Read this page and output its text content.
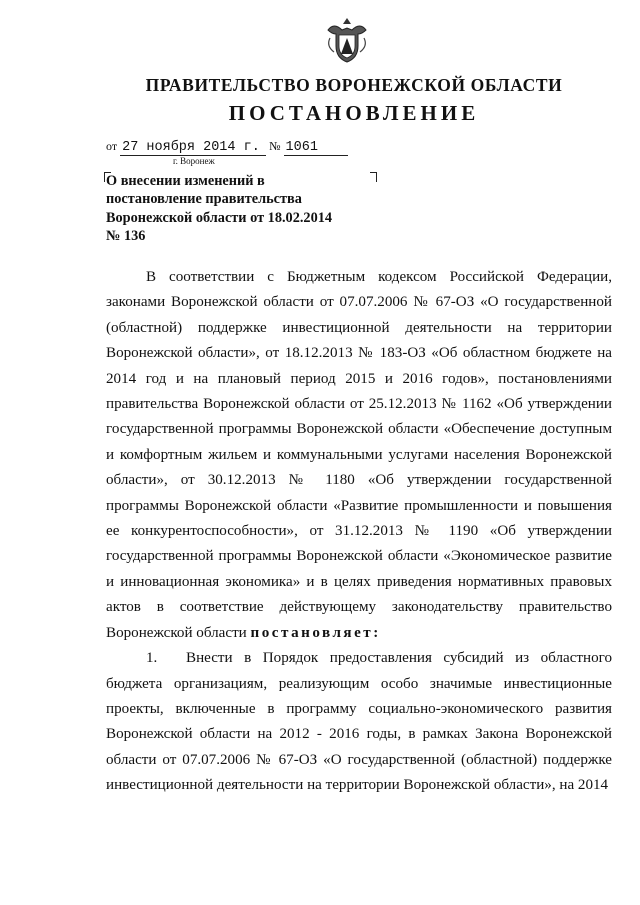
ПРАВИТЕЛЬСТВО ВОРОНЕЖСКОЙ ОБЛАСТИ
ПОСТАНОВЛЕНИЕ
от 27 ноября 2014 г. № 1061
г. Воронеж
О внесении изменений в постановление правительства Воронежской области от 18.02.2014 № 136

В соответствии с Бюджетным кодексом Российской Федерации, законами Воронежской области от 07.07.2006 № 67-ОЗ «О государственной (областной) поддержке инвестиционной деятельности на территории Воронежской области», от 18.12.2013 № 183-ОЗ «Об областном бюджете на 2014 год и на плановый период 2015 и 2016 годов», постановлениями правительства Воронежской области от 25.12.2013 № 1162 «Об утверждении государственной программы Воронежской области «Обеспечение доступным и комфортным жильем и коммунальными услугами населения Воронежской области», от 30.12.2013 № 1180 «Об утверждении государственной программы Воронежской области «Развитие промышленности и повышения ее конкурентоспособности», от 31.12.2013 № 1190 «Об утверждении государственной программы Воронежской области «Экономическое развитие и инновационная экономика» и в целях приведения нормативных правовых актов в соответствие действующему законодательству правительство Воронежской области постановляет:

1. Внести в Порядок предоставления субсидий из областного бюджета организациям, реализующим особо значимые инвестиционные проекты, включенные в программу социально-экономического развития Воронежской области на 2012 - 2016 годы, в рамках Закона Воронежской области от 07.07.2006 № 67-ОЗ «О государственной (областной) поддержке инвестиционной деятельности на территории Воронежской области», на 2014
